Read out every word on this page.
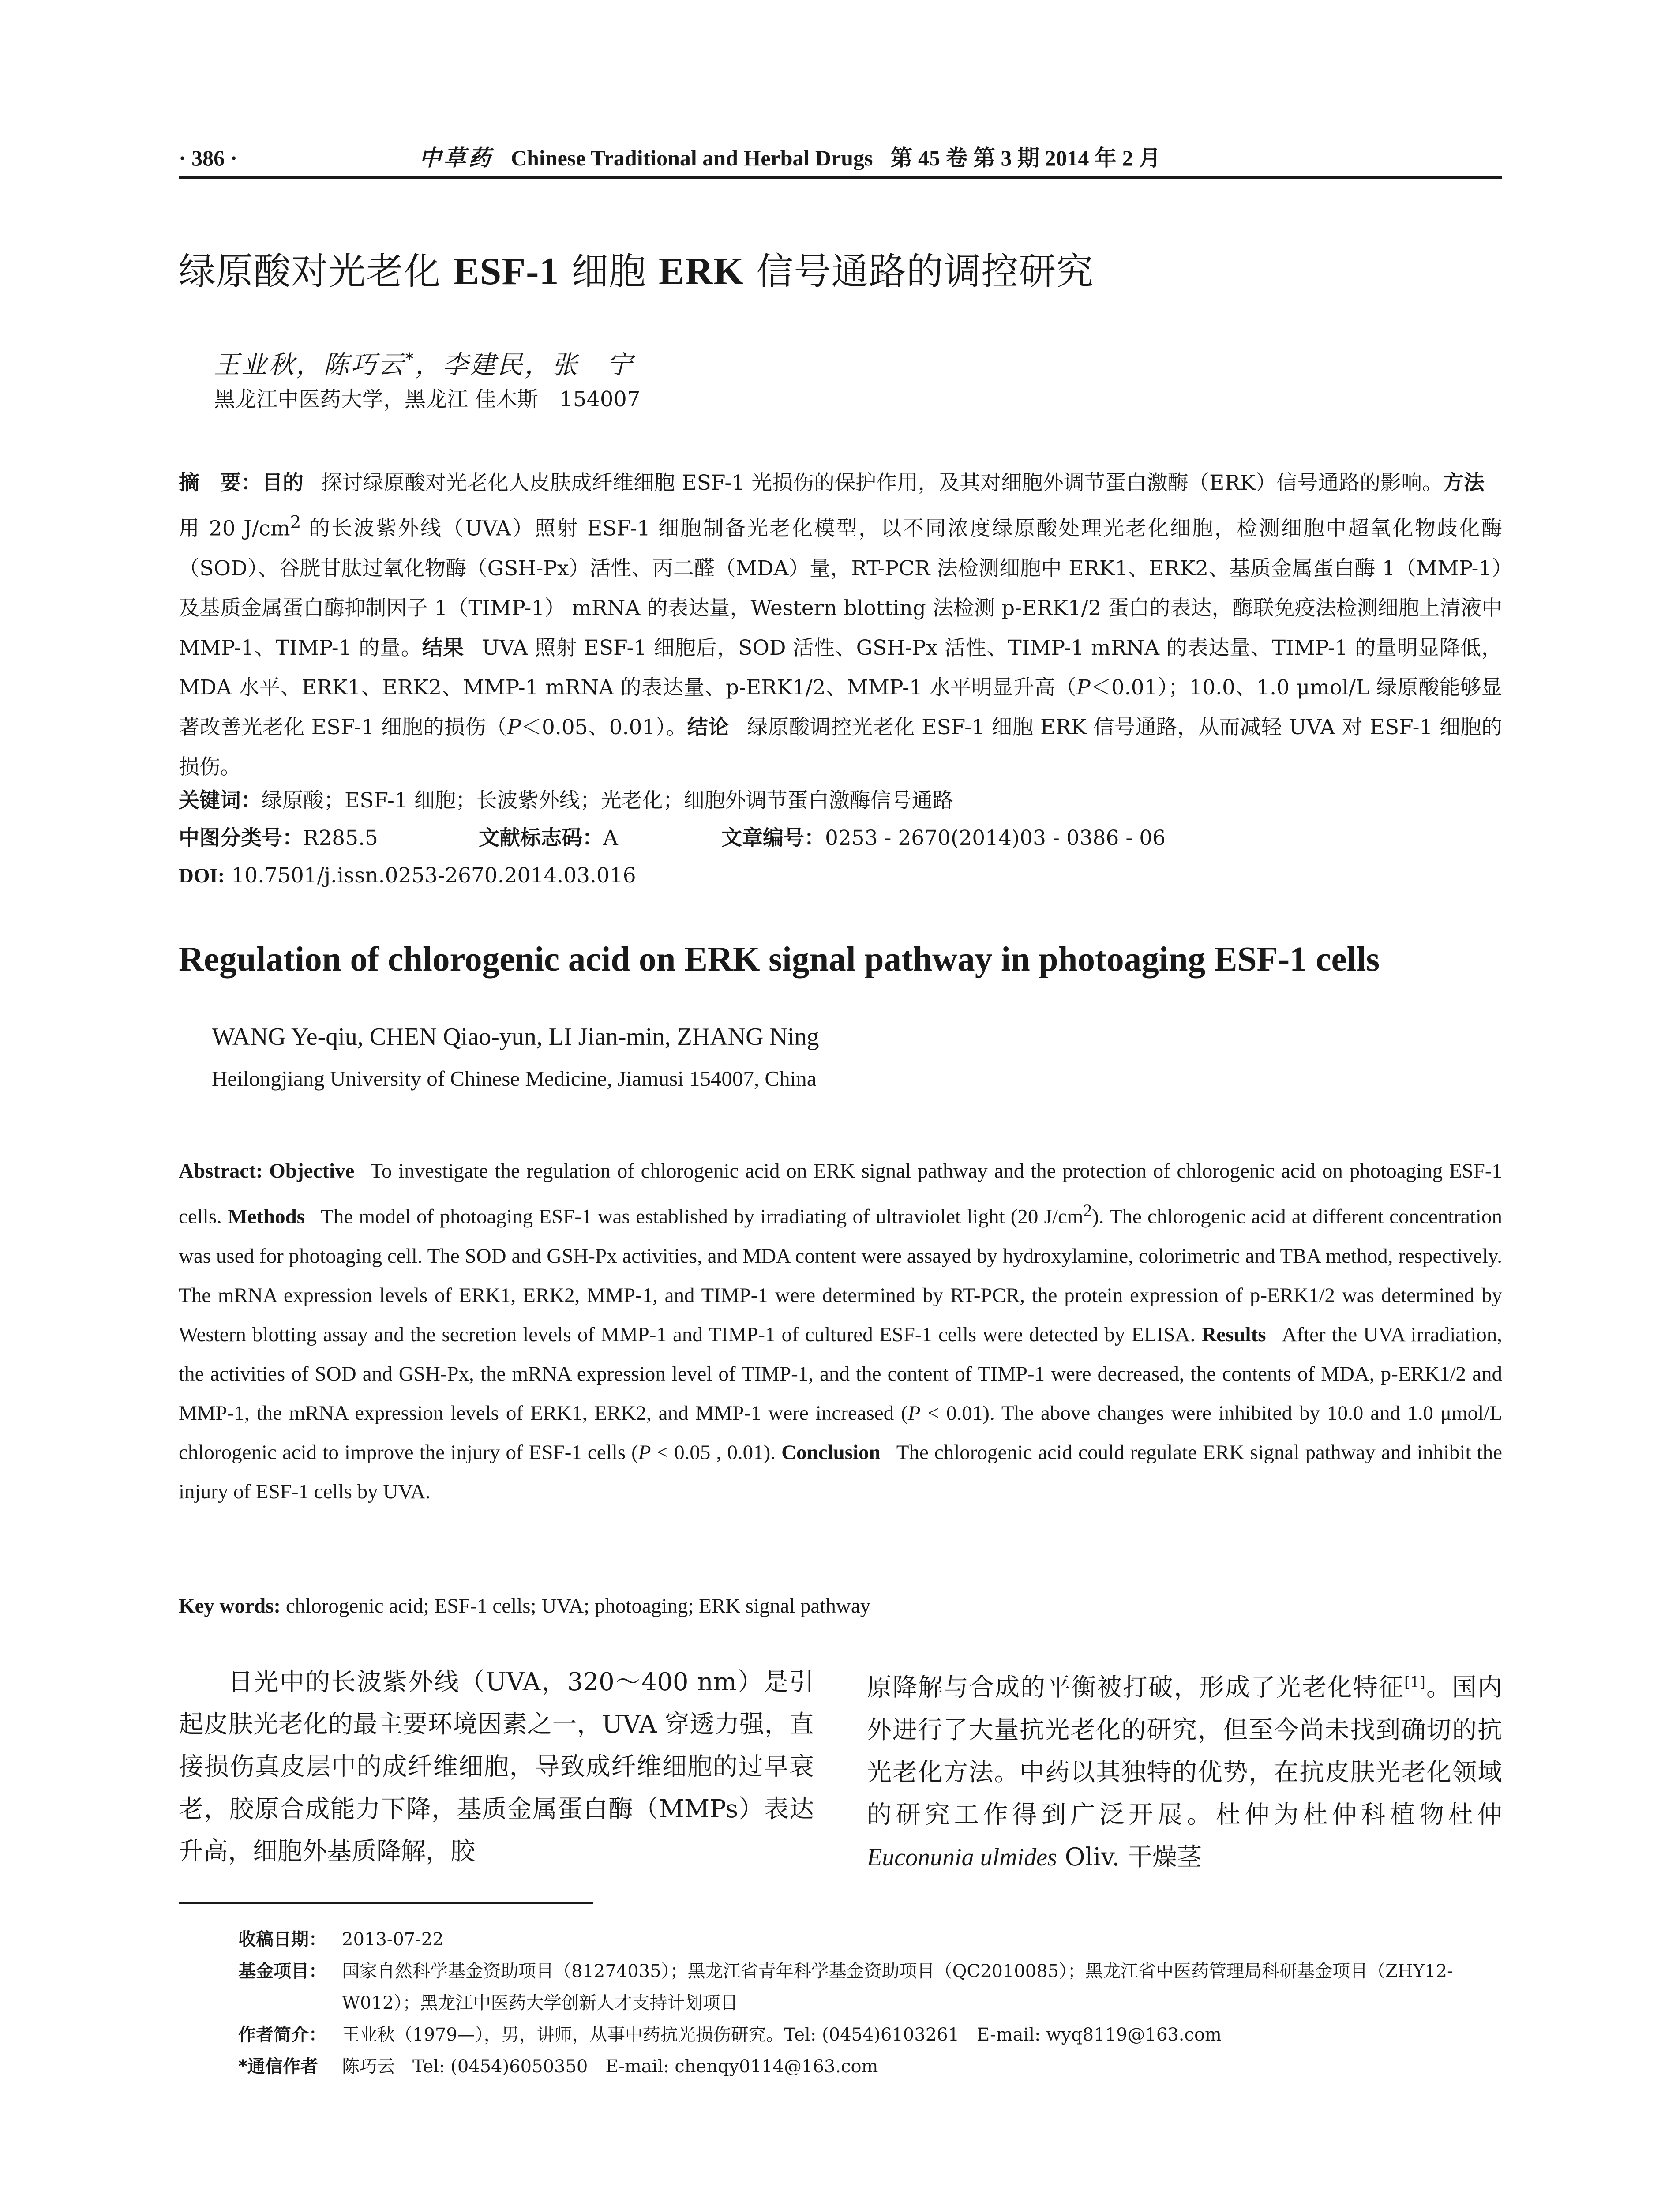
· 386 ·	中草药 Chinese Traditional and Herbal Drugs 第 45 卷 第 3 期 2014 年 2 月
绿原酸对光老化 ESF-1 细胞 ERK 信号通路的调控研究
王业秋，陈巧云*，李建民，张　宁
黑龙江中医药大学，黑龙江 佳木斯　154007
摘　要：目的 探讨绿原酸对光老化人皮肤成纤维细胞 ESF-1 光损伤的保护作用，及其对细胞外调节蛋白激酶（ERK）信号通路的影响。方法用 20 $J/cm^2$ 的长波紫外线（UVA）照射 ESF-1 细胞制备光老化模型，以不同浓度绿原酸处理光老化细胞，检测细胞中超氧化物歧化酶（SOD）、谷胱甘肽过氧化物酶（GSH-Px）活性、丙二醛（MDA）量，RT-PCR 法检测细胞中 ERK1、ERK2、基质金属蛋白酶 1（MMP-1）及基质金属蛋白酶抑制因子 1（TIMP-1） mRNA 的表达量，Western blotting 法检测 p-ERK1/2 蛋白的表达，酶联免疫法检测细胞上清液中 MMP-1、TIMP-1 的量。结果 UVA 照射 ESF-1 细胞后，SOD 活性、GSH-Px 活性、TIMP-1 mRNA 的表达量、TIMP-1 的量明显降低，MDA 水平、ERK1、ERK2、MMP-1 mRNA 的表达量、p-ERK1/2、MMP-1 水平明显升高（P＜0.01）；10.0、1.0 μmol/L 绿原酸能够显著改善光老化 ESF-1 细胞的损伤（P＜0.05、0.01）。结论 绿原酸调控光老化 ESF-1 细胞 ERK 信号通路，从而减轻 UVA 对 ESF-1 细胞的损伤。
关键词：绿原酸；ESF-1 细胞；长波紫外线；光老化；细胞外调节蛋白激酶信号通路
中图分类号：R285.5	文献标志码：A	文章编号：0253 - 2670(2014)03 - 0386 - 06
DOI: 10.7501/j.issn.0253-2670.2014.03.016
Regulation of chlorogenic acid on ERK signal pathway in photoaging ESF-1 cells
WANG Ye-qiu, CHEN Qiao-yun, LI Jian-min, ZHANG Ning
Heilongjiang University of Chinese Medicine, Jiamusi 154007, China
Abstract: Objective To investigate the regulation of chlorogenic acid on ERK signal pathway and the protection of chlorogenic acid on photoaging ESF-1 cells. Methods The model of photoaging ESF-1 was established by irradiating of ultraviolet light (20 $J/cm^2$). The chlorogenic acid at different concentration was used for photoaging cell. The SOD and GSH-Px activities, and MDA content were assayed by hydroxylamine, colorimetric and TBA method, respectively. The mRNA expression levels of ERK1, ERK2, MMP-1, and TIMP-1 were determined by RT-PCR, the protein expression of p-ERK1/2 was determined by Western blotting assay and the secretion levels of MMP-1 and TIMP-1 of cultured ESF-1 cells were detected by ELISA. Results After the UVA irradiation, the activities of SOD and GSH-Px, the mRNA expression level of TIMP-1, and the content of TIMP-1 were decreased, the contents of MDA, p-ERK1/2 and MMP-1, the mRNA expression levels of ERK1, ERK2, and MMP-1 were increased (P < 0.01). The above changes were inhibited by 10.0 and 1.0 μmol/L chlorogenic acid to improve the injury of ESF-1 cells (P < 0.05 , 0.01). Conclusion The chlorogenic acid could regulate ERK signal pathway and inhibit the injury of ESF-1 cells by UVA.
Key words: chlorogenic acid; ESF-1 cells; UVA; photoaging; ERK signal pathway
日光中的长波紫外线（UVA，320～400 nm）是引起皮肤光老化的最主要环境因素之一，UVA 穿透力强，直接损伤真皮层中的成纤维细胞，导致成纤维细胞的过早衰老，胶原合成能力下降，基质金属蛋白酶（MMPs）表达升高，细胞外基质降解，胶
原降解与合成的平衡被打破，形成了光老化特征[1]。国内外进行了大量抗光老化的研究，但至今尚未找到确切的抗光老化方法。中药以其独特的优势，在抗皮肤光老化领域的研究工作得到广泛开展。杜仲为杜仲科植物杜仲 Euconunia ulmides Oliv. 干燥茎
收稿日期： 2013-07-22
基金项目： 国家自然科学基金资助项目（81274035）；黑龙江省青年科学基金资助项目（QC2010085）；黑龙江省中医药管理局科研基金项目（ZHY12-W012）；黑龙江中医药大学创新人才支持计划项目
作者简介： 王业秋（1979—），男，讲师，从事中药抗光损伤研究。Tel: (0454)6103261　E-mail: wyq8119@163.com
*通信作者 陈巧云　Tel: (0454)6050350　E-mail: chenqy0114@163.com
